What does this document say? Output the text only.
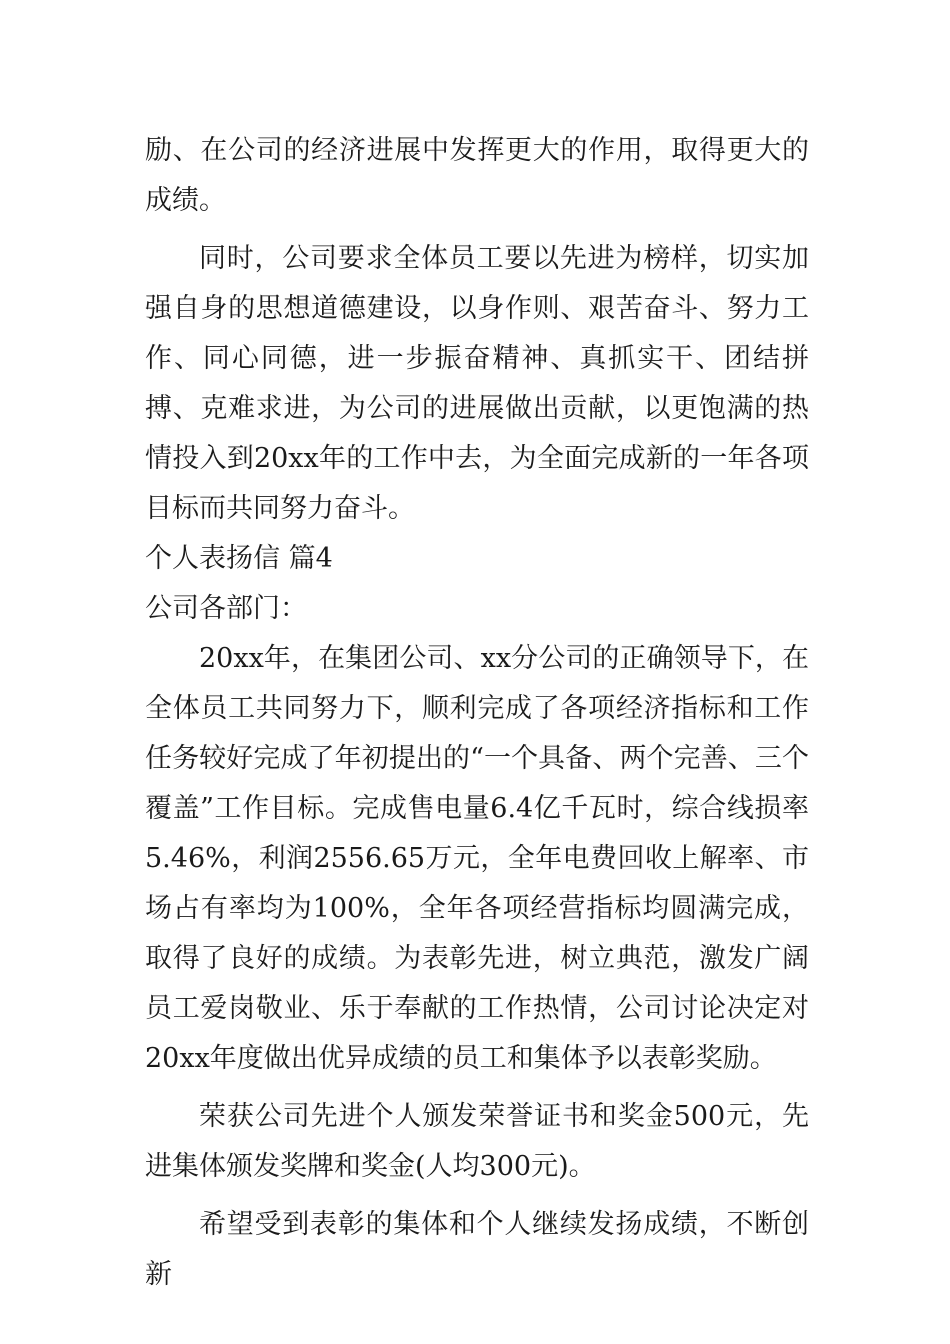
励、在公司的经济进展中发挥更大的作用，取得更大的成绩。

同时，公司要求全体员工要以先进为榜样，切实加强自身的思想道德建设，以身作则、艰苦奋斗、努力工作、同心同德，进一步振奋精神、真抓实干、团结拼搏、克难求进，为公司的进展做出贡献，以更饱满的热情投入到20xx年的工作中去，为全面完成新的一年各项目标而共同努力奋斗。

个人表扬信 篇4

公司各部门：

20xx年，在集团公司、xx分公司的正确领导下，在全体员工共同努力下，顺利完成了各项经济指标和工作任务较好完成了年初提出的“一个具备、两个完善、三个覆盖”工作目标。完成售电量6.4亿千瓦时，综合线损率5.46%，利润2556.65万元，全年电费回收上解率、市场占有率均为100%，全年各项经营指标均圆满完成，取得了良好的成绩。为表彰先进，树立典范，激发广阔员工爱岗敬业、乐于奉献的工作热情，公司讨论决定对20xx年度做出优异成绩的员工和集体予以表彰奖励。

荣获公司先进个人颁发荣誉证书和奖金500元，先进集体颁发奖牌和奖金(人均300元)。

希望受到表彰的集体和个人继续发扬成绩，不断创新
